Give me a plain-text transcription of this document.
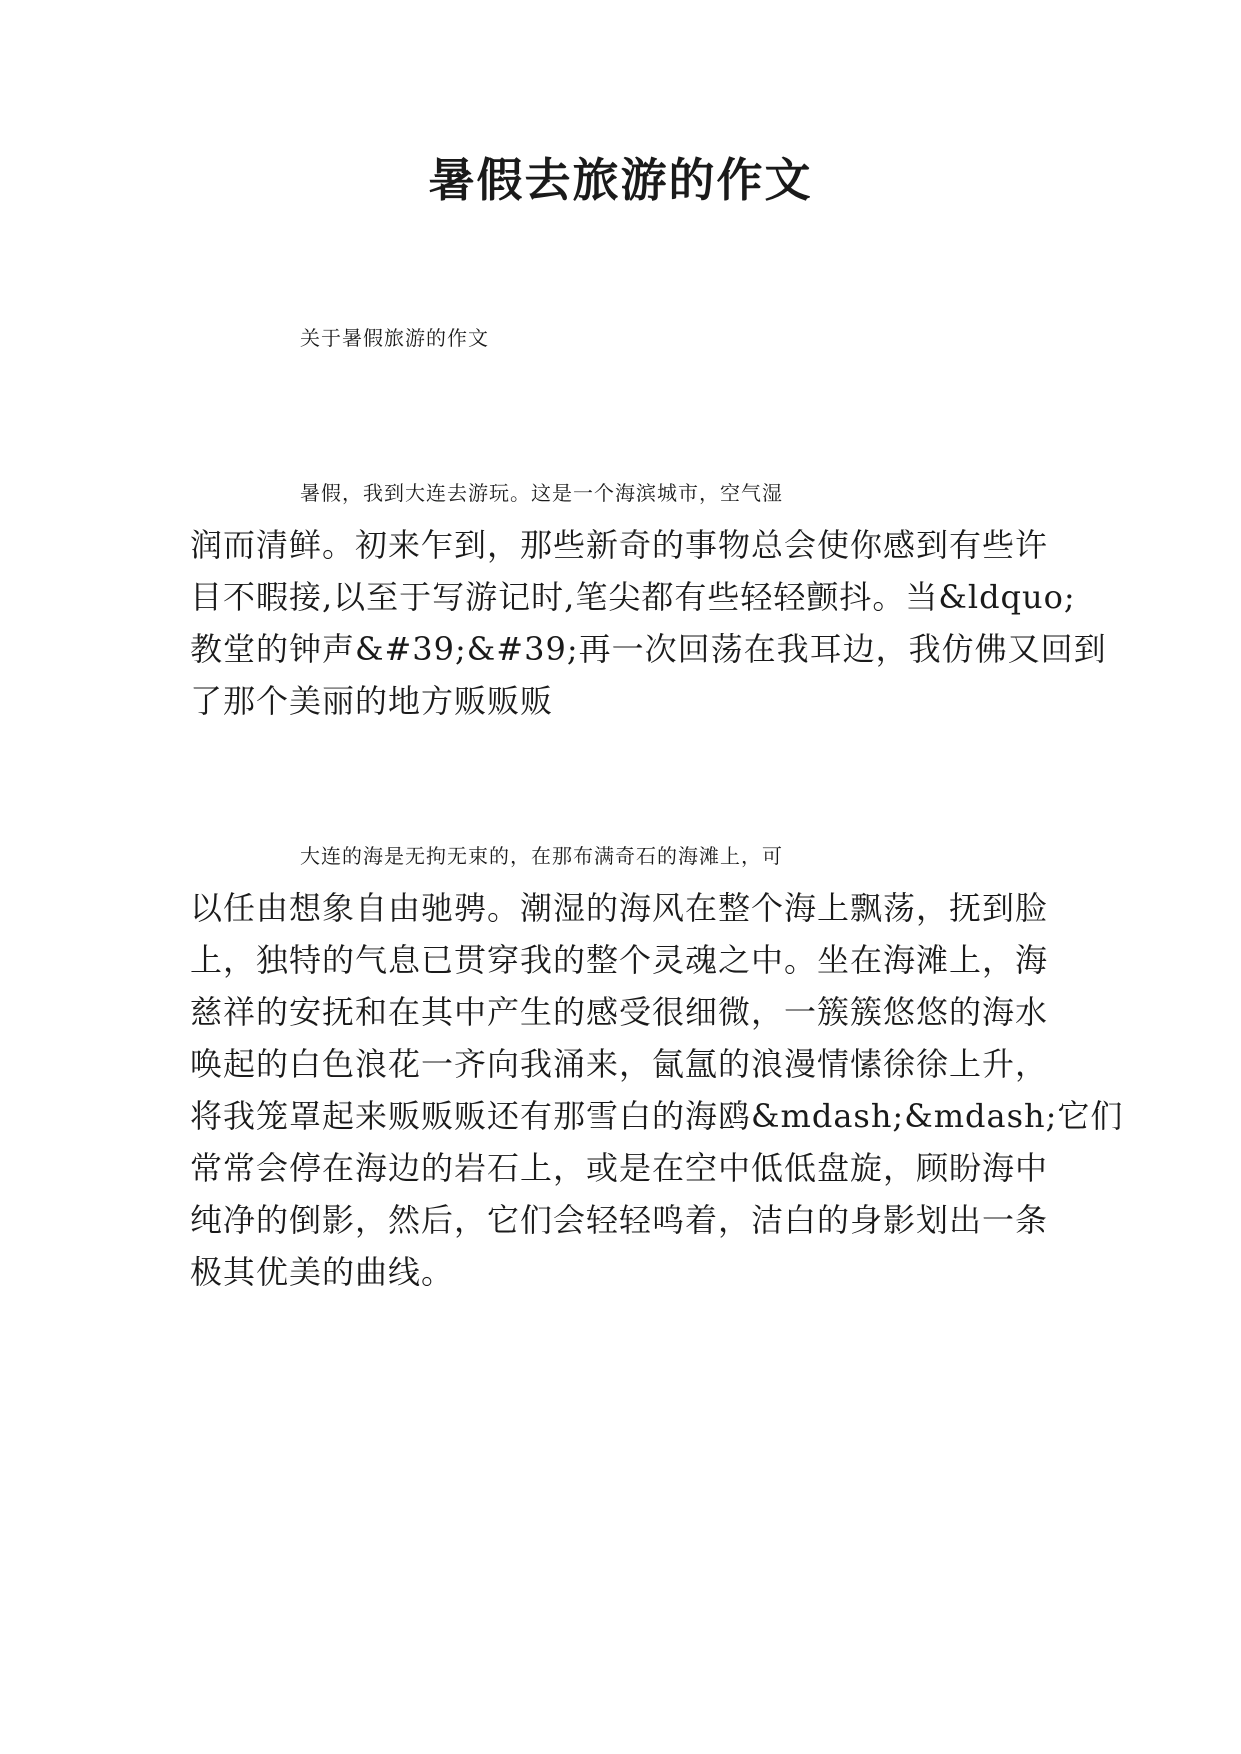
暑假去旅游的作文

关于暑假旅游的作文

暑假，我到大连去游玩。这是一个海滨城市，空气湿

润而清鲜。初来乍到，那些新奇的事物总会使你感到有些许

目不暇接,以至于写游记时,笔尖都有些轻轻颤抖。当&ldquo;

教堂的钟声&#39;&#39;再一次回荡在我耳边，我仿佛又回到

了那个美丽的地方贩贩贩

大连的海是无拘无束的，在那布满奇石的海滩上，可

以任由想象自由驰骋。潮湿的海风在整个海上飘荡，抚到脸

上，独特的气息已贯穿我的整个灵魂之中。坐在海滩上，海

慈祥的安抚和在其中产生的感受很细微，一簇簇悠悠的海水

唤起的白色浪花一齐向我涌来，氤氲的浪漫情愫徐徐上升，

将我笼罩起来贩贩贩还有那雪白的海鸥&mdash;&mdash;它们

常常会停在海边的岩石上，或是在空中低低盘旋，顾盼海中

纯净的倒影，然后，它们会轻轻鸣着，洁白的身影划出一条

极其优美的曲线。
